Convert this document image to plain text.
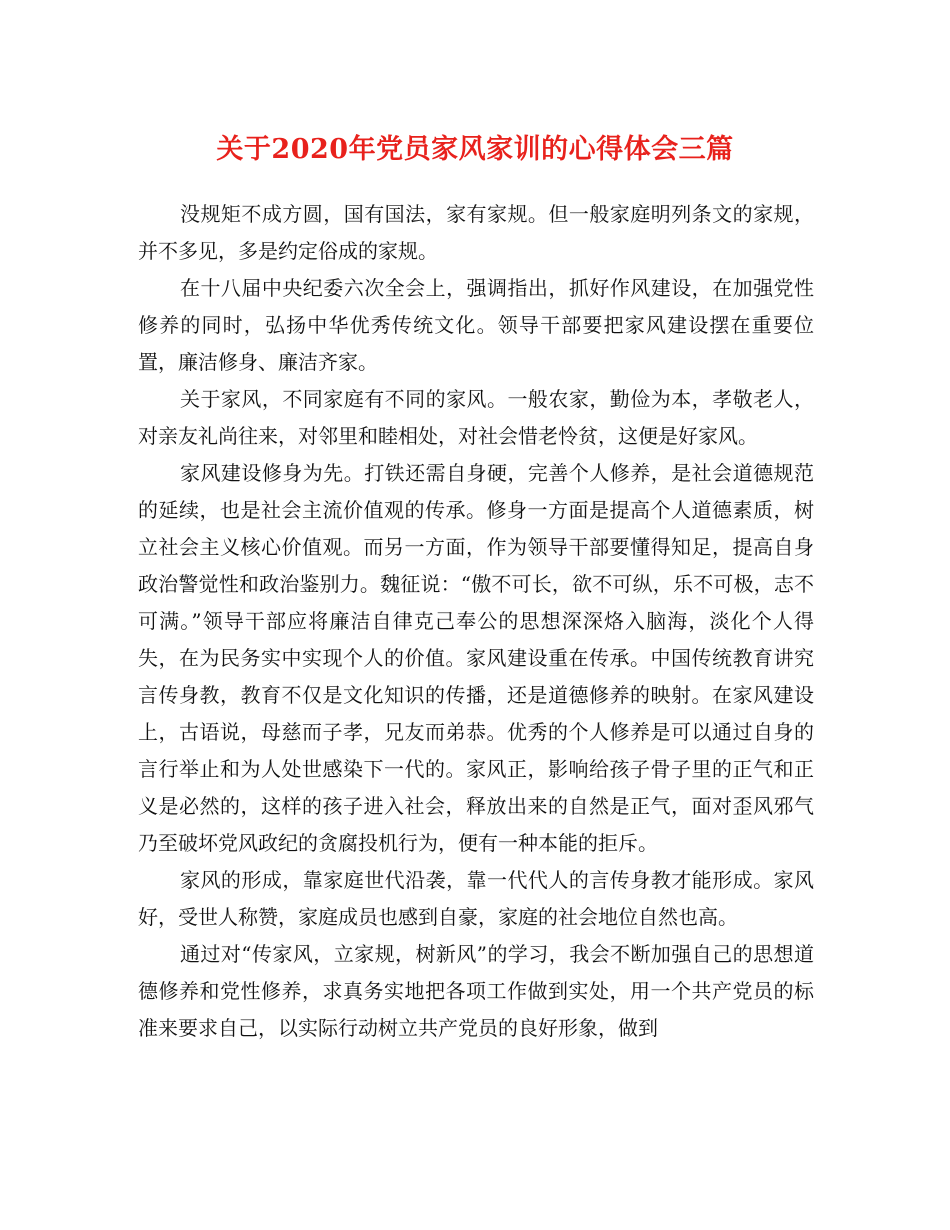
关于2020年党员家风家训的心得体会三篇

没规矩不成方圆，国有国法，家有家规。但一般家庭明列条文的家规，并不多见，多是约定俗成的家规。

在十八届中央纪委六次全会上，强调指出，抓好作风建设，在加强党性修养的同时，弘扬中华优秀传统文化。领导干部要把家风建设摆在重要位置，廉洁修身、廉洁齐家。

关于家风，不同家庭有不同的家风。一般农家，勤俭为本，孝敬老人，对亲友礼尚往来，对邻里和睦相处，对社会惜老怜贫，这便是好家风。

家风建设修身为先。打铁还需自身硬，完善个人修养，是社会道德规范的延续，也是社会主流价值观的传承。修身一方面是提高个人道德素质，树立社会主义核心价值观。而另一方面，作为领导干部要懂得知足，提高自身政治警觉性和政治鉴别力。魏征说：“傲不可长，欲不可纵，乐不可极，志不可满。”领导干部应将廉洁自律克己奉公的思想深深烙入脑海，淡化个人得失，在为民务实中实现个人的价值。家风建设重在传承。中国传统教育讲究言传身教，教育不仅是文化知识的传播，还是道德修养的映射。在家风建设上，古语说，母慈而子孝，兄友而弟恭。优秀的个人修养是可以通过自身的言行举止和为人处世感染下一代的。家风正，影响给孩子骨子里的正气和正义是必然的，这样的孩子进入社会，释放出来的自然是正气，面对歪风邪气乃至破坏党风政纪的贪腐投机行为，便有一种本能的拒斥。

家风的形成，靠家庭世代沿袭，靠一代代人的言传身教才能形成。家风好，受世人称赞，家庭成员也感到自豪，家庭的社会地位自然也高。

通过对“传家风，立家规，树新风”的学习，我会不断加强自己的思想道德修养和党性修养，求真务实地把各项工作做到实处，用一个共产党员的标准来要求自己，以实际行动树立共产党员的良好形象，做到
